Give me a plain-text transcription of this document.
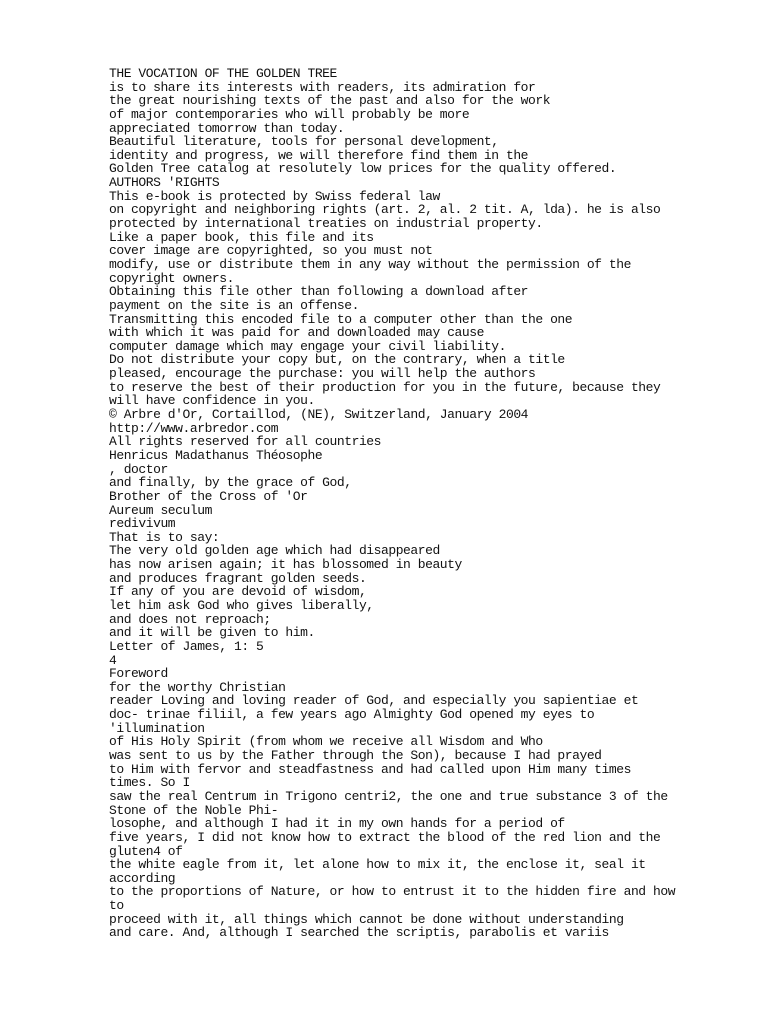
THE VOCATION OF THE GOLDEN TREE
is to share its interests with readers, its admiration for
the great nourishing texts of the past and also for the work
of major contemporaries who will probably be more
appreciated tomorrow than today.
Beautiful literature, tools for personal development,
identity and progress, we will therefore find them in the
Golden Tree catalog at resolutely low prices for the quality offered.
AUTHORS 'RIGHTS
This e-book is protected by Swiss federal law
on copyright and neighboring rights (art. 2, al. 2 tit. A, lda). he is also
protected by international treaties on industrial property.
Like a paper book, this file and its
cover image are copyrighted, so you must not
modify, use or distribute them in any way without the permission of the
copyright owners.
Obtaining this file other than following a download after
payment on the site is an offense.
Transmitting this encoded file to a computer other than the one
with which it was paid for and downloaded may cause
computer damage which may engage your civil liability.
Do not distribute your copy but, on the contrary, when a title
pleased, encourage the purchase: you will help the authors
to reserve the best of their production for you in the future, because they
will have confidence in you.
© Arbre d'Or, Cortaillod, (NE), Switzerland, January 2004
http://www.arbredor.com
All rights reserved for all countries
Henricus Madathanus Théosophe
, doctor
and finally, by the grace of God,
Brother of the Cross of 'Or
Aureum seculum
redivivum
That is to say:
The very old golden age which had disappeared
has now arisen again; it has blossomed in beauty
and produces fragrant golden seeds.
If any of you are devoid of wisdom,
let him ask God who gives liberally,
and does not reproach;
and it will be given to him.
Letter of James, 1: 5
4
Foreword
for the worthy Christian
reader Loving and loving reader of God, and especially you sapientiae et
doc- trinae filiil, a few years ago Almighty God opened my eyes to
'illumination
of His Holy Spirit (from whom we receive all Wisdom and Who
was sent to us by the Father through the Son), because I had prayed
to Him with fervor and steadfastness and had called upon Him many times
times. So I
saw the real Centrum in Trigono centri2, the one and true substance 3 of the
Stone of the Noble Phi-
losophe, and although I had it in my own hands for a period of
five years, I did not know how to extract the blood of the red lion and the
gluten4 of
the white eagle from it, let alone how to mix it, the enclose it, seal it
according
to the proportions of Nature, or how to entrust it to the hidden fire and how
to
proceed with it, all things which cannot be done without understanding
and care. And, although I searched the scriptis, parabolis et variis
